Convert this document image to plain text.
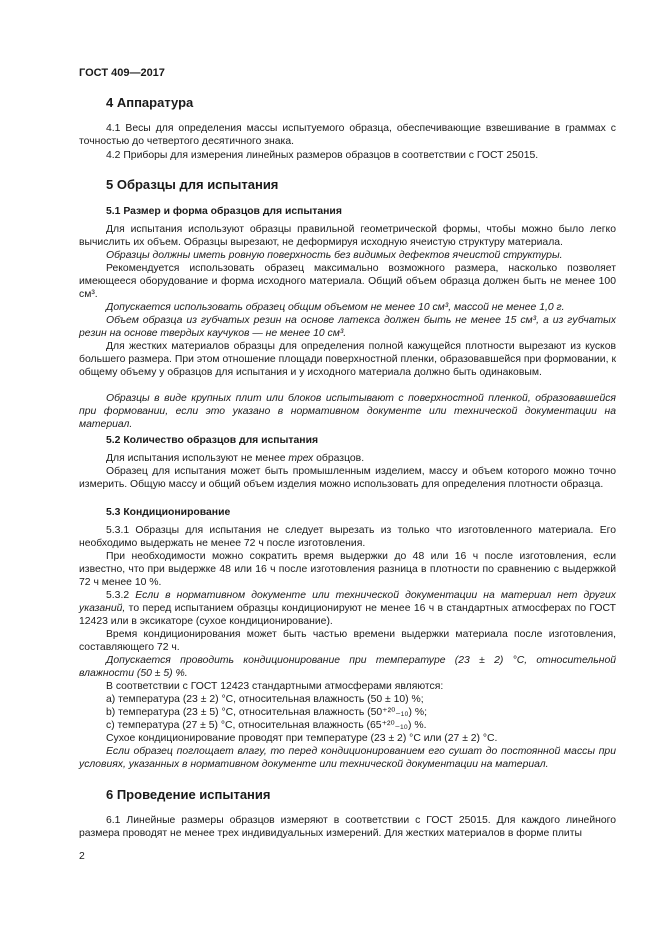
ГОСТ 409—2017
4 Аппаратура

4.1 Весы для определения массы испытуемого образца, обеспечивающие взвешивание в граммах с точностью до четвертого десятичного знака.

4.2 Приборы для измерения линейных размеров образцов в соответствии с ГОСТ 25015.

5 Образцы для испытания
5.1 Размер и форма образцов для испытания

Для испытания используют образцы правильной геометрической формы, чтобы можно было легко вычислить их объем. Образцы вырезают, не деформируя исходную ячеистую структуру материала.

Образцы должны иметь ровную поверхность без видимых дефектов ячеистой структуры.

Рекомендуется использовать образец максимально возможного размера, насколько позволяет имеющееся оборудование и форма исходного материала. Общий объем образца должен быть не менее 100 см³.

Допускается использовать образец общим объемом не менее 10 см³, массой не менее 1,0 г.

Объем образца из губчатых резин на основе латекса должен быть не менее 15 см³, а из губчатых резин на основе твердых каучуков — не менее 10 см³.

Для жестких материалов образцы для определения полной кажущейся плотности вырезают из кусков большего размера. При этом отношение площади поверхностной пленки, образовавшейся при формовании, к общему объему у образцов для испытания и у исходного материала должно быть одинаковым.

Образцы в виде крупных плит или блоков испытывают с поверхностной пленкой, образовавшейся при формовании, если это указано в нормативном документе или технической документации на материал.

5.2 Количество образцов для испытания

Для испытания используют не менее трех образцов.

Образец для испытания может быть промышленным изделием, массу и объем которого можно точно измерить. Общую массу и общий объем изделия можно использовать для определения плотности образца.

5.3 Кондиционирование

5.3.1 Образцы для испытания не следует вырезать из только что изготовленного материала. Его необходимо выдержать не менее 72 ч после изготовления.

При необходимости можно сократить время выдержки до 48 или 16 ч после изготовления, если известно, что при выдержке 48 или 16 ч после изготовления разница в плотности по сравнению с выдержкой 72 ч менее 10 %.

5.3.2 Если в нормативном документе или технической документации на материал нет других указаний, то перед испытанием образцы кондиционируют не менее 16 ч в стандартных атмосферах по ГОСТ 12423 или в эксикаторе (сухое кондиционирование).

Время кондиционирования может быть частью времени выдержки материала после изготовления, составляющего 72 ч.

Допускается проводить кондиционирование при температуре (23 ± 2) °С, относительной влажности (50 ± 5) %.

В соответствии с ГОСТ 12423 стандартными атмосферами являются:

а) температура (23 ± 2) °С, относительная влажность (50 ± 10) %;

b) температура (23 ± 5) °С, относительная влажность (50⁺²⁰₋₁₀) %;

c) температура (27 ± 5) °С, относительная влажность (65⁺²⁰₋₁₀) %.

Сухое кондиционирование проводят при температуре (23 ± 2) °С или (27 ± 2) °С.

Если образец поглощает влагу, то перед кондиционированием его сушат до постоянной массы при условиях, указанных в нормативном документе или технической документации на материал.

6 Проведение испытания

6.1 Линейные размеры образцов измеряют в соответствии с ГОСТ 25015. Для каждого линейного размера проводят не менее трех индивидуальных измерений. Для жестких материалов в форме плиты

2
